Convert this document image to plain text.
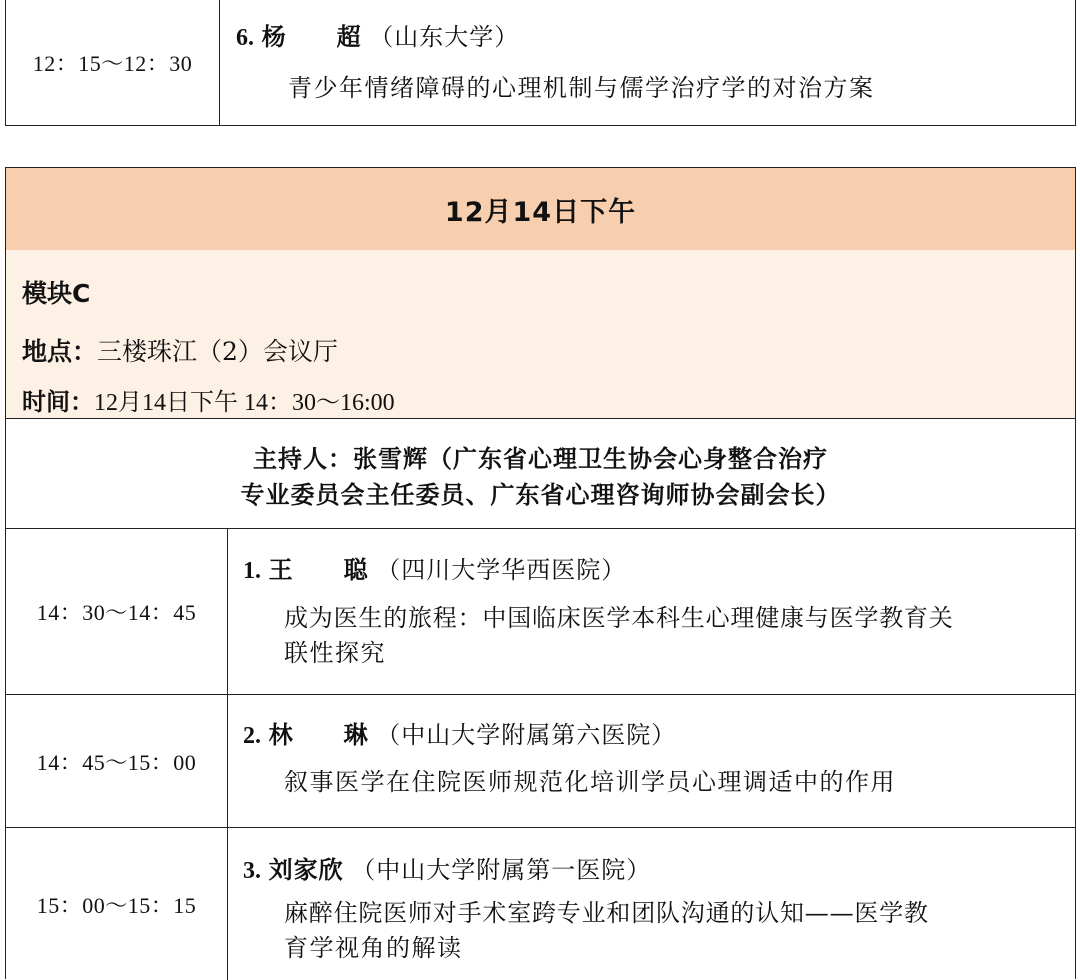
12：15～12：30
6. 杨　　超 （山东大学）
青少年情绪障碍的心理机制与儒学治疗学的对治方案
12月14日下午
模块C
地点：三楼珠江（2）会议厅
时间：12月14日下午 14：30～16:00
主持人：张雪辉（广东省心理卫生协会心身整合治疗
专业委员会主任委员、广东省心理咨询师协会副会长）
14：30～14：45
1. 王　　聪 （四川大学华西医院）
成为医生的旅程：中国临床医学本科生心理健康与医学教育关
联性探究
14：45～15：00
2. 林　　琳 （中山大学附属第六医院）
叙事医学在住院医师规范化培训学员心理调适中的作用
15：00～15：15
3. 刘家欣 （中山大学附属第一医院）
麻醉住院医师对手术室跨专业和团队沟通的认知——医学教
育学视角的解读
